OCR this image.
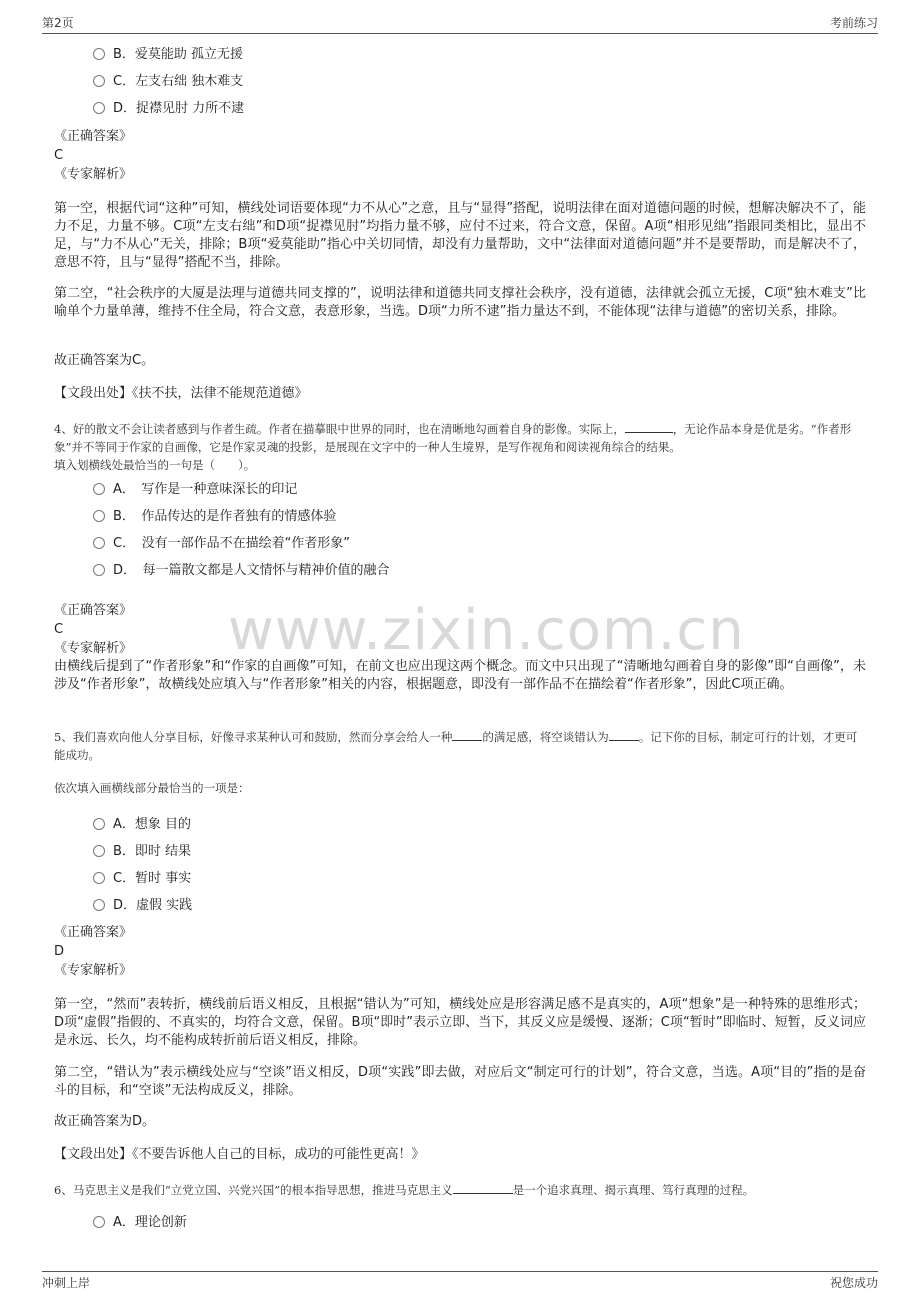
第2页	考前练习
www.zixin.com.cn
B．爱莫能助 孤立无援
C．左支右绌 独木难支
D．捉襟见肘 力所不逮
《正确答案》
C
《专家解析》
第一空，根据代词“这种”可知，横线处词语要体现“力不从心”之意，且与“显得”搭配，说明法律在面对道德问题的时候，想解决解决不了，能力不足，力量不够。C项“左支右绌”和D项“捉襟见肘”均指力量不够，应付不过来，符合文意，保留。A项“相形见绌”指跟同类相比，显出不足，与“力不从心”无关，排除；B项“爱莫能助”指心中关切同情，却没有力量帮助，文中“法律面对道德问题”并不是要帮助，而是解决不了，意思不符，且与“显得”搭配不当，排除。
第二空，“社会秩序的大厦是法理与道德共同支撑的”，说明法律和道德共同支撑社会秩序，没有道德，法律就会孤立无援，C项“独木难支”比喻单个力量单薄，维持不住全局，符合文意，表意形象，当选。D项“力所不逮”指力量达不到，不能体现“法律与道德”的密切关系，排除。
故正确答案为C。
【文段出处】《扶不扶，法律不能规范道德》
4、好的散文不会让读者感到与作者生疏。作者在描摹眼中世界的同时，也在清晰地勾画着自身的影像。实际上，	，无论作品本身是优是劣。“作者形象”并不等同于作家的自画像，它是作家灵魂的投影，是展现在文字中的一种人生境界，是写作视角和阅读视角综合的结果。
填入划横线处最恰当的一句是（　　）。
A．　写作是一种意味深长的印记
B．　作品传达的是作者独有的情感体验
C．　没有一部作品不在描绘着“作者形象”
D．　每一篇散文都是人文情怀与精神价值的融合
《正确答案》
C
《专家解析》
由横线后提到了“作者形象”和“作家的自画像”可知，在前文也应出现这两个概念。而文中只出现了“清晰地勾画着自身的影像”即“自画像”，未涉及“作者形象”，故横线处应填入与“作者形象”相关的内容，根据题意，即没有一部作品不在描绘着“作者形象”，因此C项正确。
5、我们喜欢向他人分享目标，好像寻求某种认可和鼓励，然而分享会给人一种	的满足感，将空谈错认为	。记下你的目标，制定可行的计划，才更可能成功。
依次填入画横线部分最恰当的一项是：
A．想象 目的
B．即时 结果
C．暂时 事实
D．虚假 实践
《正确答案》
D
《专家解析》
第一空，“然而”表转折，横线前后语义相反，且根据“错认为”可知，横线处应是形容满足感不是真实的，A项“想象”是一种特殊的思维形式；D项“虚假”指假的、不真实的，均符合文意，保留。B项“即时”表示立即、当下，其反义应是缓慢、逐渐；C项“暂时”即临时、短暂，反义词应是永远、长久，均不能构成转折前后语义相反，排除。
第二空，“错认为”表示横线处应与“空谈”语义相反，D项“实践”即去做，对应后文“制定可行的计划”，符合文意，当选。A项“目的”指的是奋斗的目标，和“空谈”无法构成反义，排除。
故正确答案为D。
【文段出处】《不要告诉他人自己的目标，成功的可能性更高！》
6、马克思主义是我们“立党立国、兴党兴国”的根本指导思想，推进马克思主义	是一个追求真理、揭示真理、笃行真理的过程。
A．理论创新
冲刺上岸	祝您成功
